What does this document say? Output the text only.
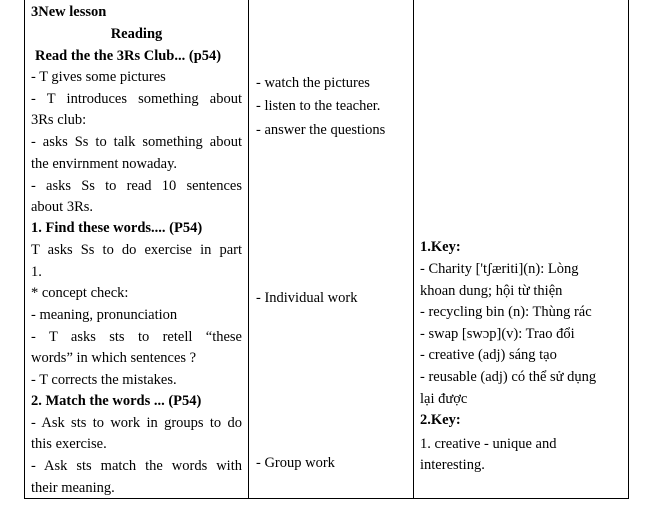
3New lesson
Reading
Read the the 3Rs Club... (p54)
- T gives some pictures
- T introduces something about
3Rs club:
- asks Ss to talk something about
the envirnment nowaday.
- asks Ss to read 10 sentences
about 3Rs.
1. Find these words.... (P54)
T asks Ss to do exercise in part
1.
* concept check:
- meaning, pronunciation
- T asks sts to retell “these
words” in which sentences ?
- T corrects the mistakes.
2. Match the words ... (P54)
- Ask sts to work in groups to do
this exercise.
- Ask sts match the words with
their meaning.
- watch the pictures
- listen to the teacher.
- answer the questions
- Individual work
- Group work
1.Key:
- Charity ['tʃæriti](n): Lòng
khoan dung; hội từ thiện
- recycling bin (n): Thùng rác
- swap [swɔp](v): Trao đổi
- creative (adj) sáng tạo
- reusable (adj) có thể sử dụng
lại được
2.Key:
1. creative - unique and
interesting.
